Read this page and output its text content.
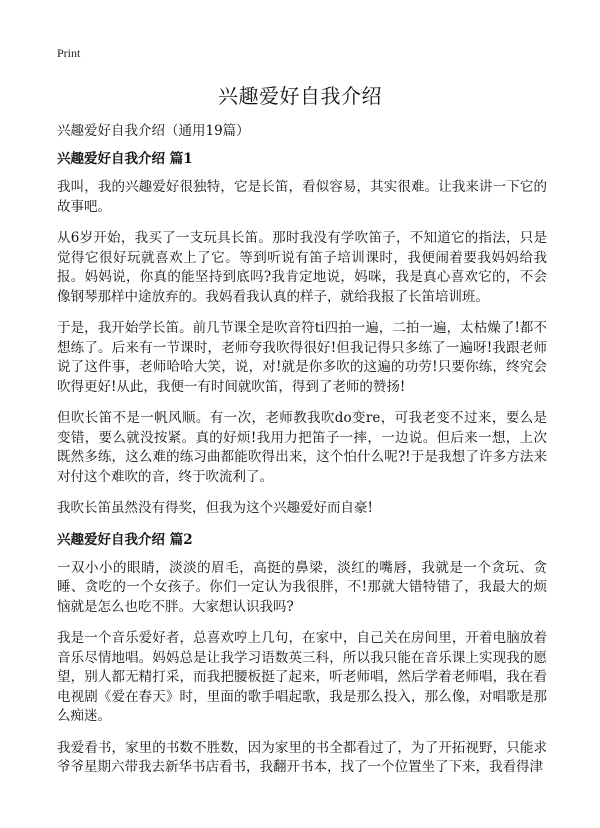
Print
兴趣爱好自我介绍

兴趣爱好自我介绍（通用19篇）

兴趣爱好自我介绍 篇1

我叫，我的兴趣爱好很独特，它是长笛，看似容易，其实很难。让我来讲一下它的故事吧。

从6岁开始，我买了一支玩具长笛。那时我没有学吹笛子，不知道它的指法，只是觉得它很好玩就喜欢上了它。等到听说有笛子培训课时，我便闹着要我妈妈给我报。妈妈说，你真的能坚持到底吗?我肯定地说，妈咪，我是真心喜欢它的，不会像钢琴那样中途放弃的。我妈看我认真的样子，就给我报了长笛培训班。

于是，我开始学长笛。前几节课全是吹音符ti四拍一遍，二拍一遍，太枯燥了!都不想练了。后来有一节课时，老师夸我吹得很好!但我记得只多练了一遍呀!我跟老师说了这件事，老师哈哈大笑，说，对!就是你多吹的这遍的功劳!只要你练，终究会吹得更好!从此，我便一有时间就吹笛，得到了老师的赞扬!

但吹长笛不是一帆风顺。有一次，老师教我吹do变re，可我老变不过来，要么是变错，要么就没按紧。真的好烦!我用力把笛子一摔，一边说。但后来一想，上次既然多练，这么难的练习曲都能吹得出来，这个怕什么呢?!于是我想了许多方法来对付这个难吹的音，终于吹流利了。

我吹长笛虽然没有得奖，但我为这个兴趣爱好而自豪!

兴趣爱好自我介绍 篇2

一双小小的眼睛，淡淡的眉毛，高挺的鼻梁，淡红的嘴唇，我就是一个贪玩、贪睡、贪吃的一个女孩子。你们一定认为我很胖，不!那就大错特错了，我最大的烦恼就是怎么也吃不胖。大家想认识我吗?

我是一个音乐爱好者，总喜欢哼上几句，在家中，自己关在房间里，开着电脑放着音乐尽情地唱。妈妈总是让我学习语数英三科，所以我只能在音乐课上实现我的愿望，别人都无精打采，而我把腰板挺了起来，听老师唱，然后学着老师唱，我在看电视剧《爱在春天》时，里面的歌手唱起歌，我是那么投入，那么像，对唱歌是那么痴迷。

我爱看书，家里的书数不胜数，因为家里的书全都看过了，为了开拓视野，只能求爷爷星期六带我去新华书店看书，我翻开书本，找了一个位置坐了下来，我看得津
